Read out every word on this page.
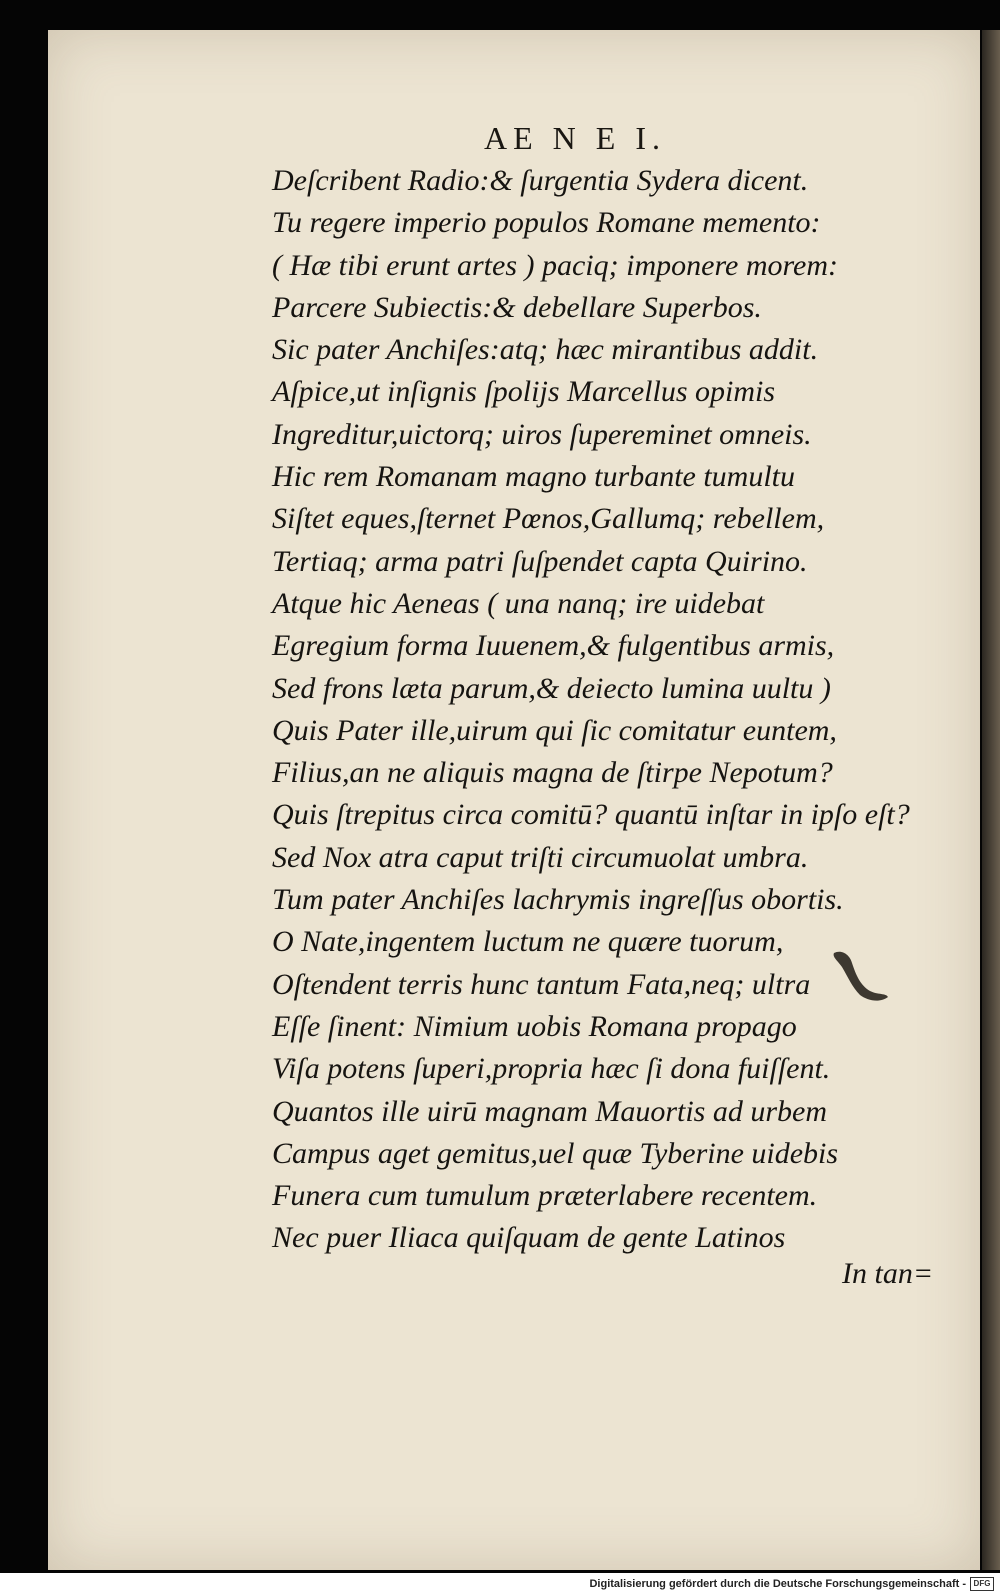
AE N E I.
Deſcribent Radio:& ſurgentia Sydera dicent.
Tu regere imperio populos Romane memento:
( Hæ tibi erunt artes ) paciq; imponere morem:
Parcere Subiectis:& debellare Superbos.
Sic pater Anchiſes:atq; hæc mirantibus addit.
Aſpice,ut inſignis ſpolijs Marcellus opimis
Ingreditur,uictorq; uiros ſupereminet omneis.
Hic rem Romanam magno turbante tumultu
Siſtet eques,ſternet Pœnos,Gallumq; rebellem,
Tertiaq; arma patri ſuſpendet capta Quirino.
Atque hic Aeneas ( una nanq; ire uidebat
Egregium forma Iuuenem,& fulgentibus armis,
Sed frons læta parum,& deiecto lumina uultu )
Quis Pater ille,uirum qui ſic comitatur euntem,
Filius,an ne aliquis magna de ſtirpe Nepotum?
Quis ſtrepitus circa comitū? quantū inſtar in ipſo eſt?
Sed Nox atra caput triſti circumuolat umbra.
Tum pater Anchiſes lachrymis ingreſſus obortis.
O Nate,ingentem luctum ne quære tuorum,
Oſtendent terris hunc tantum Fata,neq; ultra
Eſſe ſinent: Nimium uobis Romana propago
Viſa potens ſuperi,propria hæc ſi dona fuiſſent.
Quantos ille uirū magnam Mauortis ad urbem
Campus aget gemitus,uel quæ Tyberine uidebis
Funera cum tumulum præterlabere recentem.
Nec puer Iliaca quiſquam de gente Latinos
In tan=
Digitalisierung gefördert durch die Deutsche Forschungsgemeinschaft - DFG
